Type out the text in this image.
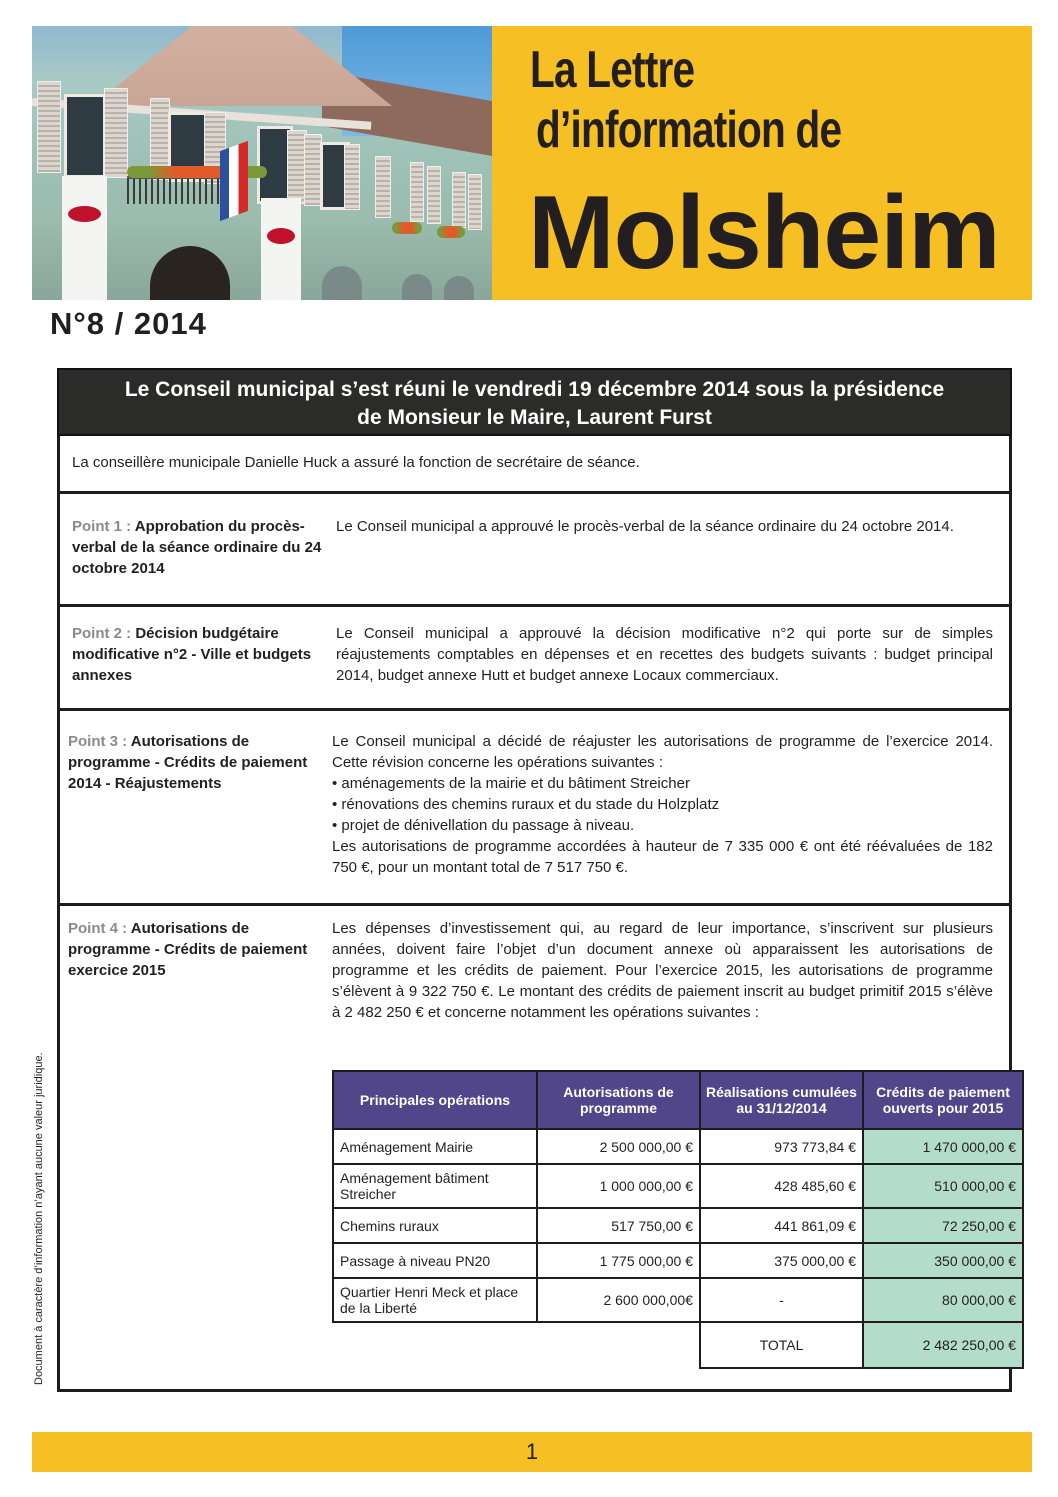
La Lettre
d’information de
Molsheim
N°8 / 2014
Le Conseil municipal s’est réuni le vendredi 19 décembre 2014 sous la présidence
de Monsieur le Maire, Laurent Furst
La conseillère municipale Danielle Huck a assuré la fonction de secrétaire de séance.
Point 1 : Approbation du procès-verbal de la séance ordinaire du 24 octobre 2014
Le Conseil municipal a approuvé le procès-verbal de la séance ordinaire du 24 octobre 2014.
Point 2 : Décision budgétaire modificative n°2 - Ville et budgets annexes
Le Conseil municipal a approuvé la décision modificative n°2 qui porte sur de simples réajustements comptables en dépenses et en recettes des budgets suivants : budget principal 2014, budget annexe Hutt et budget annexe Locaux commerciaux.
Point 3 : Autorisations de programme - Crédits de paiement 2014 - Réajustements
Le Conseil municipal a décidé de réajuster les autorisations de programme de l’exercice 2014. Cette révision concerne les opérations suivantes :
• aménagements de la mairie et du bâtiment Streicher
• rénovations des chemins ruraux et du stade du Holzplatz
• projet de dénivellation du passage à niveau.
Les autorisations de programme accordées à hauteur de 7 335 000 € ont été réévaluées de 182 750 €, pour un montant total de 7 517 750 €.
Point 4 : Autorisations de programme - Crédits de paiement exercice 2015
Les dépenses d’investissement qui, au regard de leur importance, s’inscrivent sur plusieurs années, doivent faire l’objet d’un document annexe où apparaissent les autorisations de programme et les crédits de paiement. Pour l’exercice 2015, les autorisations de programme s’élèvent à 9 322 750 €. Le montant des crédits de paiement inscrit au budget primitif 2015 s’élève à 2 482 250 € et concerne notamment les opérations suivantes :
Principales opérations	Autorisations de programme	Réalisations cumulées au 31/12/2014	Crédits de paiement ouverts pour 2015
Aménagement Mairie	2 500 000,00 €	973 773,84 €	1 470 000,00 €
Aménagement bâtiment Streicher	1 000 000,00 €	428 485,60 €	510 000,00 €
Chemins ruraux	517 750,00 €	441 861,09 €	72 250,00 €
Passage à niveau PN20	1 775 000,00 €	375 000,00 €	350 000,00 €
Quartier Henri Meck et place de la Liberté	2 600 000,00€	-	80 000,00 €
		TOTAL	2 482 250,00 €
Document à caractère d’information n’ayant aucune valeur juridique.
1
